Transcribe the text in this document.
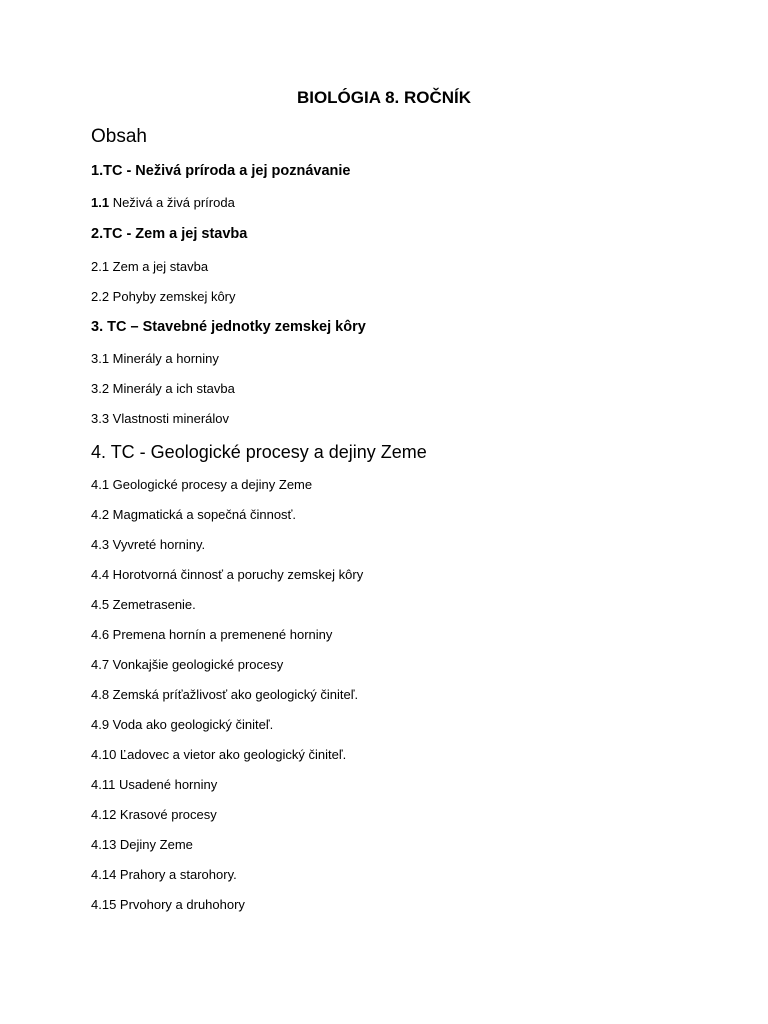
BIOLÓGIA 8. ROČNÍK
Obsah
1.TC - Neživá príroda a jej poznávanie
1.1 Neživá a živá príroda
2.TC - Zem a jej stavba
2.1 Zem a jej stavba
2.2 Pohyby zemskej kôry
3. TC – Stavebné jednotky zemskej kôry
3.1 Minerály a horniny
3.2 Minerály a ich stavba
3.3 Vlastnosti minerálov
4. TC - Geologické procesy a dejiny Zeme
4.1 Geologické procesy a dejiny Zeme
4.2 Magmatická a sopečná činnosť.
4.3 Vyvreté horniny.
4.4 Horotvorná činnosť a poruchy zemskej kôry
4.5 Zemetrasenie.
4.6 Premena hornín a premenené horniny
4.7 Vonkajšie geologické procesy
4.8 Zemská príťažlivosť ako geologický činiteľ.
4.9 Voda ako geologický činiteľ.
4.10 Ľadovec a vietor ako geologický činiteľ.
4.11 Usadené horniny
4.12 Krasové procesy
4.13 Dejiny Zeme
4.14 Prahory a starohory.
4.15 Prvohory a druhohory
